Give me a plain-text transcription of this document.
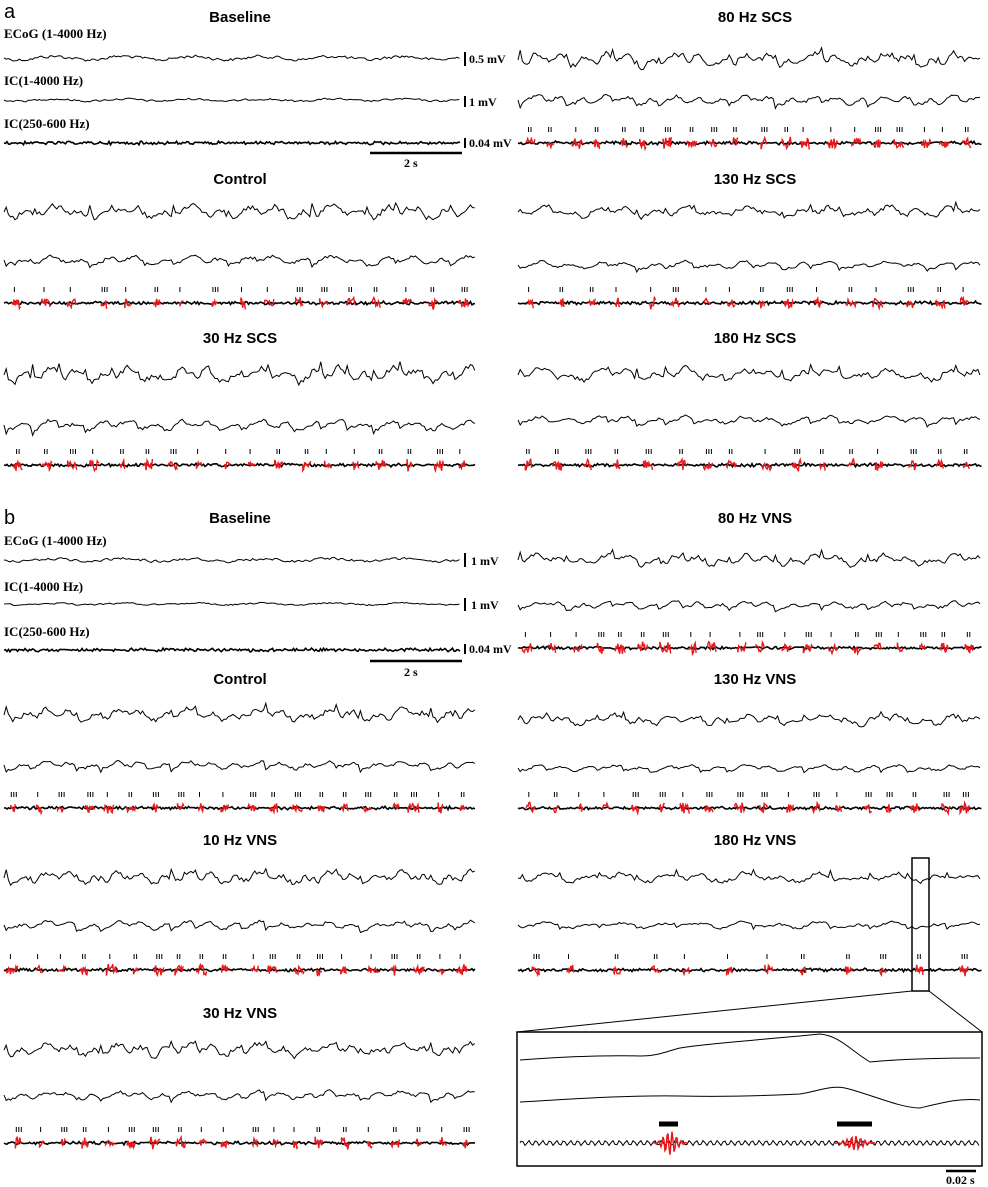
a
b
Baseline	80 Hz SCS
Control	130 Hz SCS
30 Hz SCS	180 Hz SCS
ECoG (1-4000 Hz)
IC(1-4000 Hz)
IC(250-600 Hz)
0.5 mV
1 mV
0.04 mV
2 s
Baseline	80 Hz VNS
Control	130 Hz VNS
10 Hz VNS	180 Hz VNS
30 Hz VNS
ECoG (1-4000 Hz)
IC(1-4000 Hz)
IC(250-600 Hz)
1 mV
1 mV
0.04 mV
2 s
0.02 s
